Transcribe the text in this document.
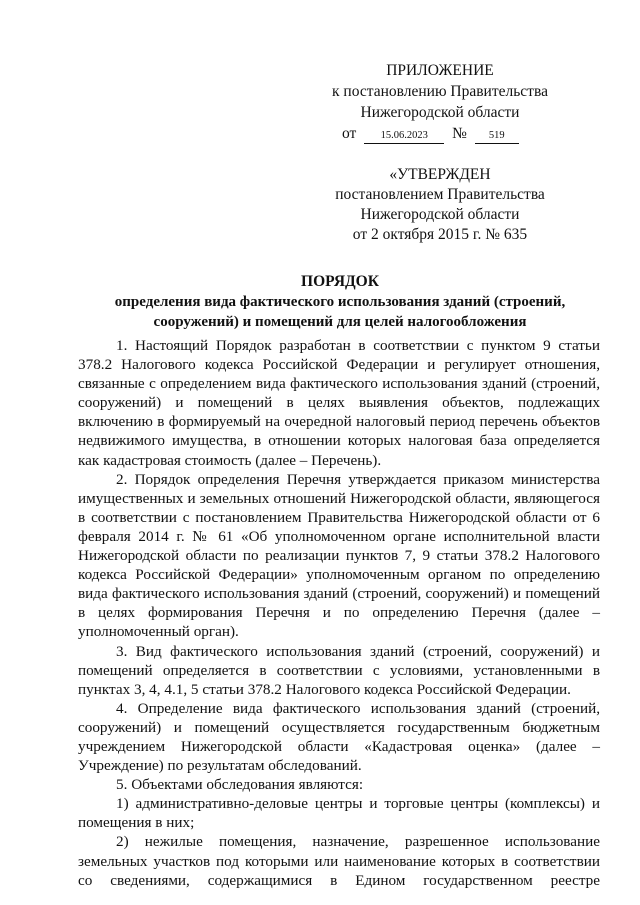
ПРИЛОЖЕНИЕ
к постановлению Правительства
Нижегородской области
от 15.06.2023 № 519
«УТВЕРЖДЕН
постановлением Правительства
Нижегородской области
от 2 октября 2015 г. № 635
ПОРЯДОК
определения вида фактического использования зданий (строений, сооружений) и помещений для целей налогообложения

1. Настоящий Порядок разработан в соответствии с пунктом 9 статьи 378.2 Налогового кодекса Российской Федерации и регулирует отношения, связанные с определением вида фактического использования зданий (строений, сооружений) и помещений в целях выявления объектов, подлежащих включению в формируемый на очередной налоговый период перечень объектов недвижимого имущества, в отношении которых налоговая база определяется как кадастровая стоимость (далее – Перечень).

2. Порядок определения Перечня утверждается приказом министерства имущественных и земельных отношений Нижегородской области, являющегося в соответствии с постановлением Правительства Нижегородской области от 6 февраля 2014 г. № 61 «Об уполномоченном органе исполнительной власти Нижегородской области по реализации пунктов 7, 9 статьи 378.2 Налогового кодекса Российской Федерации» уполномоченным органом по определению вида фактического использования зданий (строений, сооружений) и помещений в целях формирования Перечня и по определению Перечня (далее – уполномоченный орган).

3. Вид фактического использования зданий (строений, сооружений) и помещений определяется в соответствии с условиями, установленными в пунктах 3, 4, 4.1, 5 статьи 378.2 Налогового кодекса Российской Федерации.

4. Определение вида фактического использования зданий (строений, сооружений) и помещений осуществляется государственным бюджетным учреждением Нижегородской области «Кадастровая оценка» (далее – Учреждение) по результатам обследований.

5. Объектами обследования являются:

1) административно-деловые центры и торговые центры (комплексы) и помещения в них;

2) нежилые помещения, назначение, разрешенное использование земельных участков под которыми или наименование которых в соответствии со сведениями, содержащимися в Едином государственном реестре
